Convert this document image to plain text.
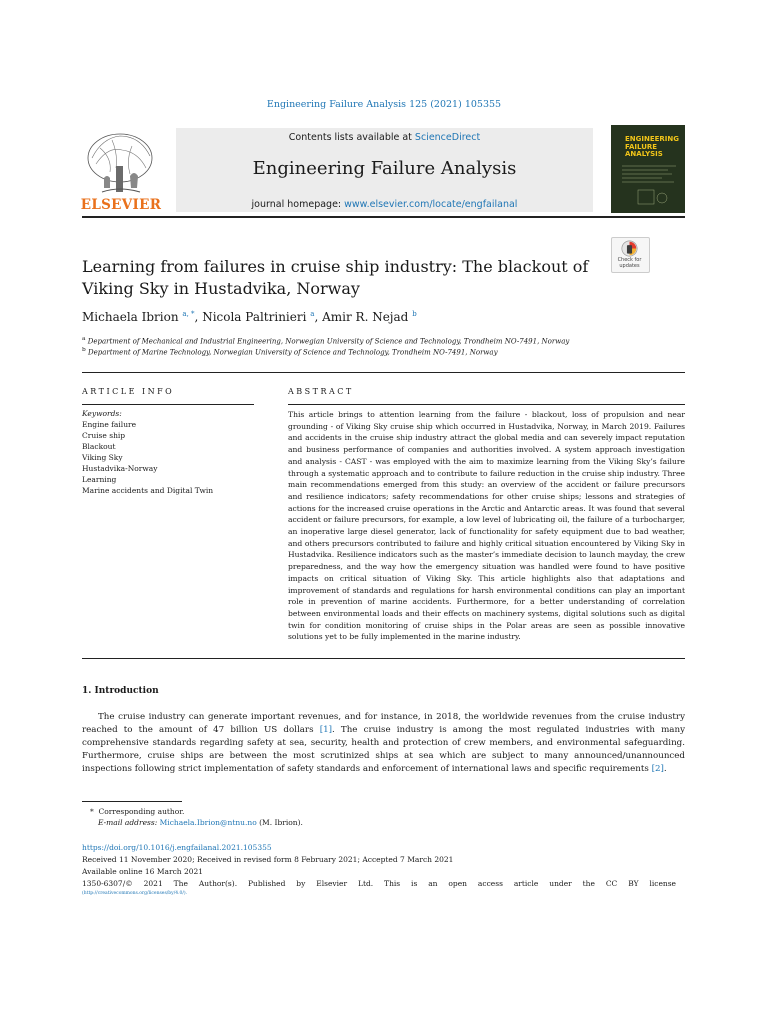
Engineering Failure Analysis 125 (2021) 105355
ELSEVIER
Contents lists available at ScienceDirect
Engineering Failure Analysis
journal homepage: www.elsevier.com/locate/engfailanal
ENGINEERING
FAILURE
ANALYSIS
Check for
updates
Learning from failures in cruise ship industry: The blackout of
Viking Sky in Hustadvika, Norway
Michaela Ibrion $^{a, *}$, Nicola Paltrinieri $^a$, Amir R. Nejad $^b$
$^a$ Department of Mechanical and Industrial Engineering, Norwegian University of Science and Technology, Trondheim NO-7491, Norway
$^b$ Department of Marine Technology, Norwegian University of Science and Technology, Trondheim NO-7491, Norway
ARTICLE INFO	ABSTRACT
Keywords:
Engine failure
Cruise ship
Blackout
Viking Sky
Hustadvika-Norway
Learning
Marine accidents and Digital Twin
This article brings to attention learning from the failure - blackout, loss of propulsion and near grounding - of Viking Sky cruise ship which occurred in Hustadvika, Norway, in March 2019. Failures and accidents in the cruise ship industry attract the global media and can severely impact reputation and business performance of companies and authorities involved. A system approach investigation and analysis - CAST - was employed with the aim to maximize learning from the Viking Sky’s failure through a systematic approach and to contribute to failure reduction in the cruise ship industry. Three main recommendations emerged from this study: an overview of the accident or failure precursors and resilience indicators; safety recommendations for other cruise ships; lessons and strategies of actions for the increased cruise operations in the Arctic and Antarctic areas. It was found that several accident or failure precursors, for example, a low level of lubricating oil, the failure of a turbocharger, an inoperative large diesel generator, lack of functionality for safety equipment due to bad weather, and others precursors contributed to failure and highly critical situation encountered by Viking Sky in Hustadvika. Resilience indicators such as the master’s immediate decision to launch mayday, the crew preparedness, and the way how the emergency situation was handled were found to have positive impacts on critical situation of Viking Sky. This article highlights also that adaptations and improvement of standards and regulations for harsh environmental conditions can play an important role in prevention of marine accidents. Furthermore, for a better understanding of correlation between environmental loads and their effects on machinery systems, digital solutions such as digital twin for condition monitoring of cruise ships in the Polar areas are seen as possible innovative solutions yet to be fully implemented in the marine industry.
1. Introduction
The cruise industry can generate important revenues, and for instance, in 2018, the worldwide revenues from the cruise industry reached to the amount of 47 billion US dollars [1]. The cruise industry is among the most regulated industries with many comprehensive standards regarding safety at sea, security, health and protection of crew members, and environmental safeguarding. Furthermore, cruise ships are between the most scrutinized ships at sea which are subject to many announced/unannounced inspections following strict implementation of safety standards and enforcement of international laws and specific requirements [2].
* Corresponding author.
E-mail address: Michaela.Ibrion@ntnu.no (M. Ibrion).
https://doi.org/10.1016/j.engfailanal.2021.105355
Received 11 November 2020; Received in revised form 8 February 2021; Accepted 7 March 2021
Available online 16 March 2021
1350-6307/© 2021 The Author(s). Published by Elsevier Ltd. This is an open access article under the CC BY license
(http://creativecommons.org/licenses/by/4.0/).
